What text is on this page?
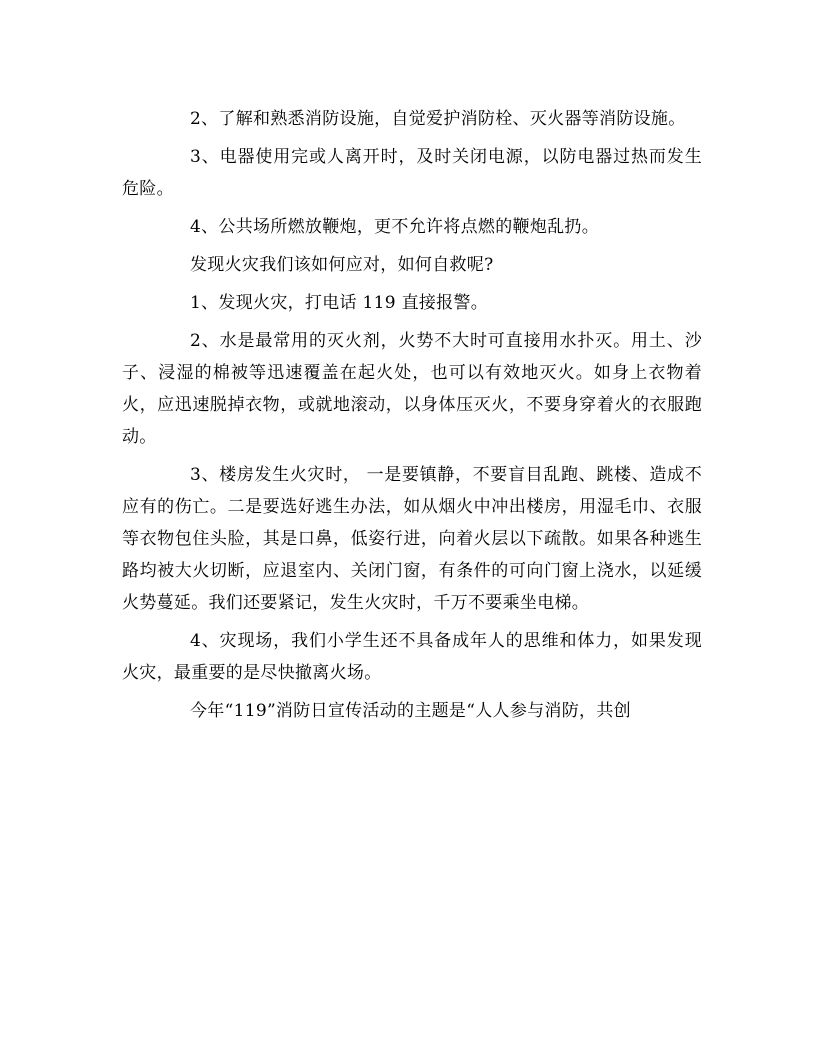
2、了解和熟悉消防设施，自觉爱护消防栓、灭火器等消防设施。

3、电器使用完或人离开时，及时关闭电源，以防电器过热而发生危险。

4、公共场所燃放鞭炮，更不允许将点燃的鞭炮乱扔。

发现火灾我们该如何应对，如何自救呢?

1、发现火灾，打电话 119 直接报警。

2、水是最常用的灭火剂，火势不大时可直接用水扑灭。用土、沙子、浸湿的棉被等迅速覆盖在起火处，也可以有效地灭火。如身上衣物着火，应迅速脱掉衣物，或就地滚动，以身体压灭火，不要身穿着火的衣服跑动。

3、楼房发生火灾时， 一是要镇静，不要盲目乱跑、跳楼、造成不应有的伤亡。二是要选好逃生办法，如从烟火中冲出楼房，用湿毛巾、衣服等衣物包住头脸，其是口鼻，低姿行进，向着火层以下疏散。如果各种逃生路均被大火切断，应退室内、关闭门窗，有条件的可向门窗上浇水，以延缓火势蔓延。我们还要紧记，发生火灾时，千万不要乘坐电梯。

4、灾现场，我们小学生还不具备成年人的思维和体力，如果发现火灾，最重要的是尽快撤离火场。

今年“119”消防日宣传活动的主题是“人人参与消防，共创
